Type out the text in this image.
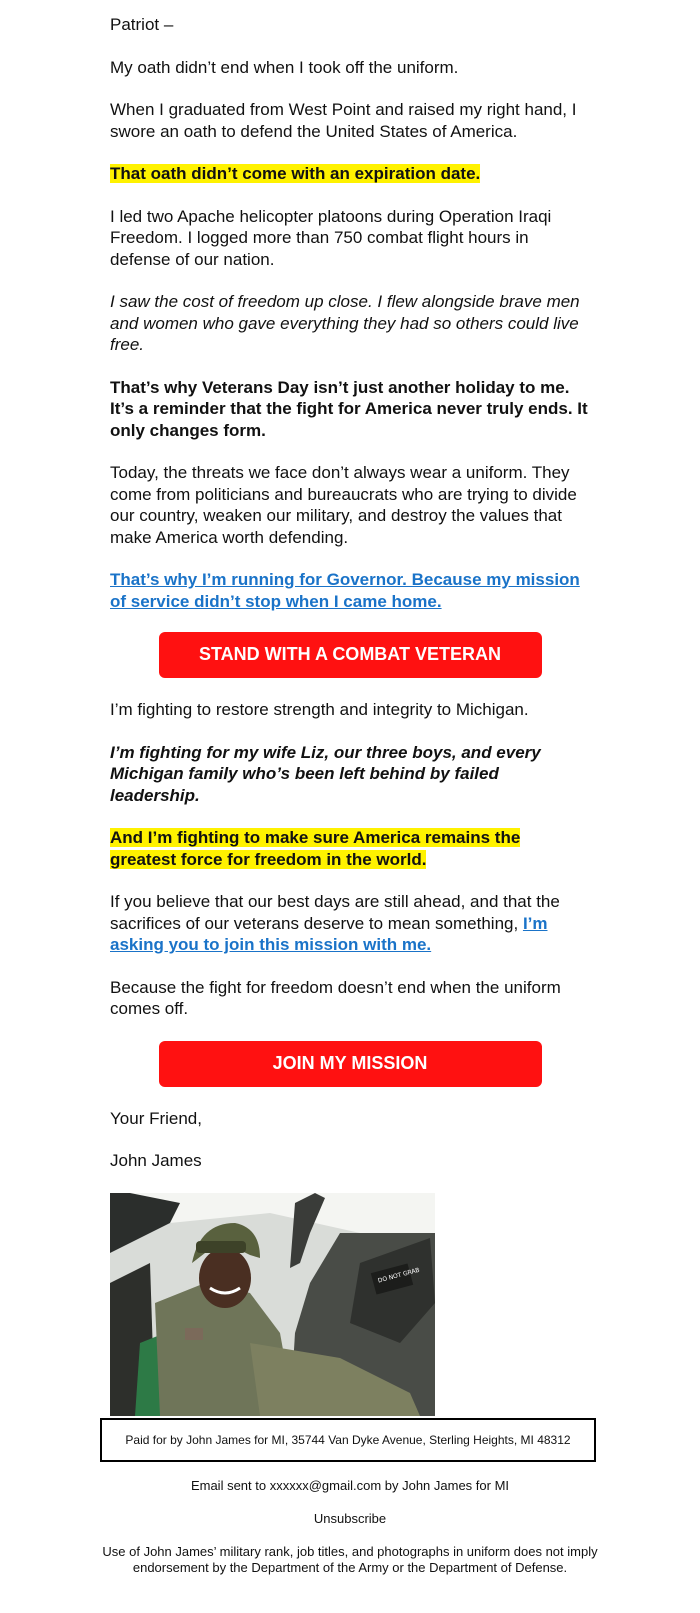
Patriot –

My oath didn’t end when I took off the uniform.

When I graduated from West Point and raised my right hand, I swore an oath to defend the United States of America.

That oath didn’t come with an expiration date.

I led two Apache helicopter platoons during Operation Iraqi Freedom. I logged more than 750 combat flight hours in defense of our nation.

I saw the cost of freedom up close. I flew alongside brave men and women who gave everything they had so others could live free.

That’s why Veterans Day isn’t just another holiday to me. It’s a reminder that the fight for America never truly ends. It only changes form.

Today, the threats we face don’t always wear a uniform. They come from politicians and bureaucrats who are trying to divide our country, weaken our military, and destroy the values that make America worth defending.

That’s why I’m running for Governor. Because my mission of service didn’t stop when I came home.

STAND WITH A COMBAT VETERAN

I’m fighting to restore strength and integrity to Michigan.

I’m fighting for my wife Liz, our three boys, and every Michigan family who’s been left behind by failed leadership.

And I’m fighting to make sure America remains the greatest force for freedom in the world.

If you believe that our best days are still ahead, and that the sacrifices of our veterans deserve to mean something, I’m asking you to join this mission with me.

Because the fight for freedom doesn’t end when the uniform comes off.

JOIN MY MISSION

Your Friend,

John James

DO NOT GRAB
Paid for by John James for MI, 35744 Van Dyke Avenue, Sterling Heights, MI 48312
Email sent to xxxxxx@gmail.com by John James for MI
Unsubscribe
Use of John James’ military rank, job titles, and photographs in uniform does not imply endorsement by the Department of the Army or the Department of Defense.
